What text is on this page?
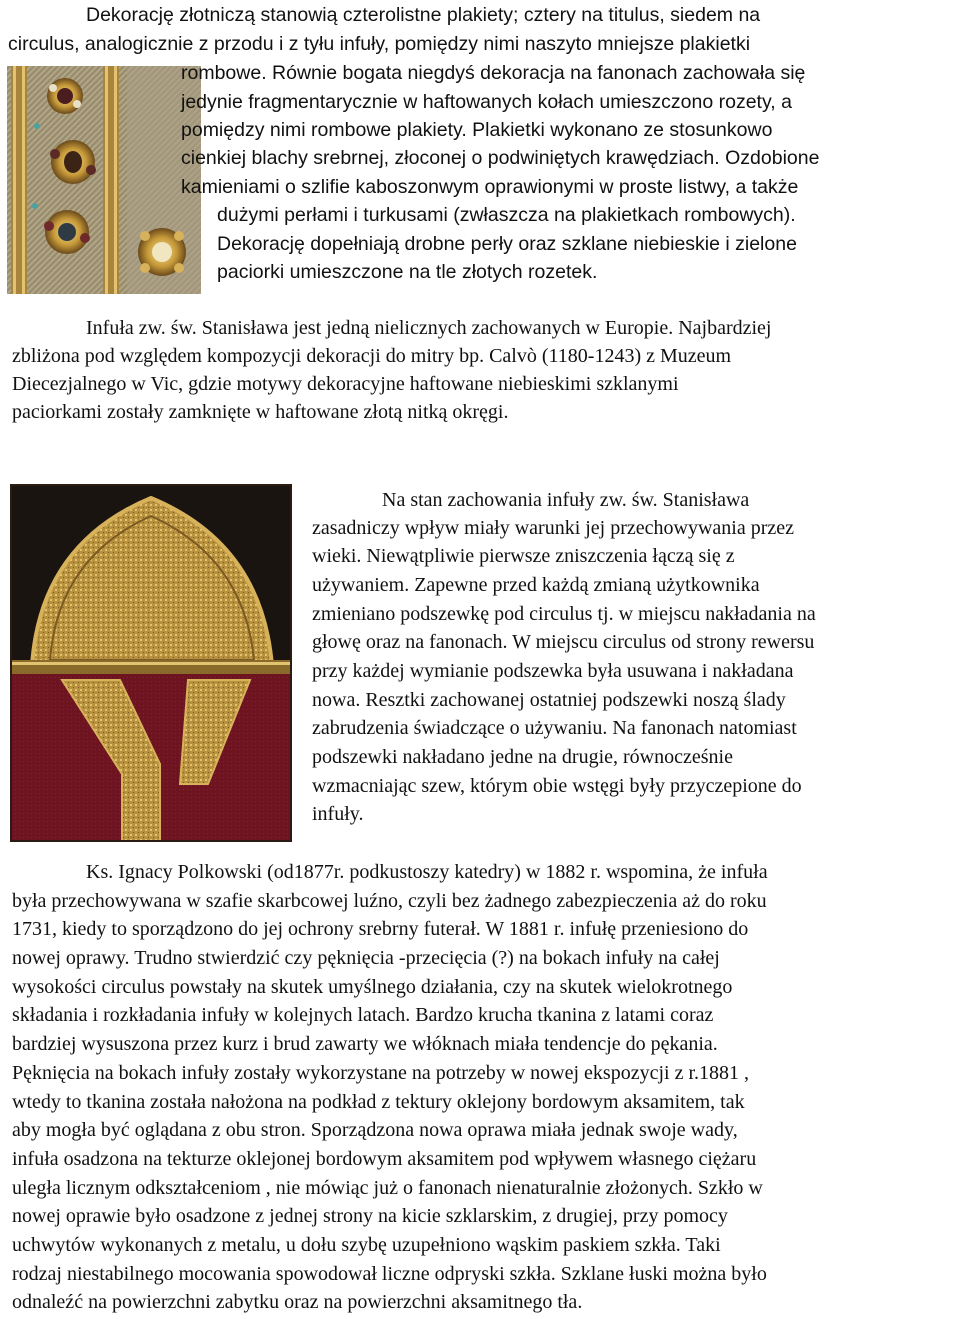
Dekorację złotniczą stanowią czterolistne plakiety; cztery na titulus, siedem na
circulus, analogicznie z przodu i z tyłu infuły, pomiędzy nimi naszyto mniejsze plakietki
rombowe. Równie bogata niegdyś dekoracja na fanonach zachowała się
jedynie fragmentarycznie w haftowanych kołach umieszczono rozety, a
pomiędzy nimi rombowe plakiety. Plakietki wykonano ze stosunkowo
cienkiej blachy srebrnej, złoconej o podwiniętych krawędziach. Ozdobione
kamieniami o szlifie kaboszonwym oprawionymi w proste listwy, a także
dużymi perłami i turkusami (zwłaszcza na plakietkach rombowych).
Dekorację dopełniają drobne perły oraz szklane niebieskie i zielone
paciorki umieszczone na tle złotych rozetek.
Infuła zw. św. Stanisława jest jedną nielicznych zachowanych w Europie. Najbardziej
zbliżona pod względem kompozycji dekoracji do mitry bp. Calvò (1180-1243) z Muzeum
Diecezjalnego w Vic, gdzie motywy dekoracyjne haftowane niebieskimi szklanymi
paciorkami zostały zamknięte w haftowane złotą nitką okręgi.
Na stan zachowania infuły zw. św. Stanisława
zasadniczy wpływ miały warunki jej przechowywania przez
wieki. Niewątpliwie pierwsze zniszczenia łączą się z
używaniem. Zapewne przed każdą zmianą użytkownika
zmieniano podszewkę pod circulus tj. w miejscu nakładania na
głowę oraz na fanonach. W miejscu circulus od strony rewersu
przy każdej wymianie podszewka była usuwana i nakładana
nowa. Resztki zachowanej ostatniej podszewki noszą ślady
zabrudzenia świadczące o używaniu. Na fanonach natomiast
podszewki nakładano jedne na drugie, równocześnie
wzmacniając szew, którym obie wstęgi były przyczepione do
infuły.
Ks. Ignacy Polkowski (od1877r. podkustoszy katedry) w 1882 r. wspomina, że infuła
była przechowywana w szafie skarbcowej luźno, czyli bez żadnego zabezpieczenia aż do roku
1731, kiedy to sporządzono do jej ochrony srebrny futerał. W 1881 r. infułę przeniesiono do
nowej oprawy. Trudno stwierdzić czy pęknięcia -przecięcia (?) na bokach infuły na całej
wysokości circulus powstały na skutek umyślnego działania, czy na skutek wielokrotnego
składania i rozkładania infuły w kolejnych latach. Bardzo krucha tkanina z latami coraz
bardziej wysuszona przez kurz i brud zawarty we włóknach miała tendencje do pękania.
Pęknięcia na bokach infuły zostały wykorzystane na potrzeby w nowej ekspozycji z r.1881 ,
wtedy to tkanina została nałożona na podkład z tektury oklejony bordowym aksamitem, tak
aby mogła być oglądana z obu stron. Sporządzona nowa oprawa miała jednak swoje wady,
infuła osadzona na tekturze oklejonej bordowym aksamitem pod wpływem własnego ciężaru
uległa licznym odkształceniom , nie mówiąc już o fanonach nienaturalnie złożonych. Szkło w
nowej oprawie było osadzone z jednej strony na kicie szklarskim, z drugiej, przy pomocy
uchwytów wykonanych z metalu, u dołu szybę uzupełniono wąskim paskiem szkła. Taki
rodzaj niestabilnego mocowania spowodował liczne odpryski szkła. Szklane łuski można było
odnaleźć na powierzchni zabytku oraz na powierzchni aksamitnego tła.
